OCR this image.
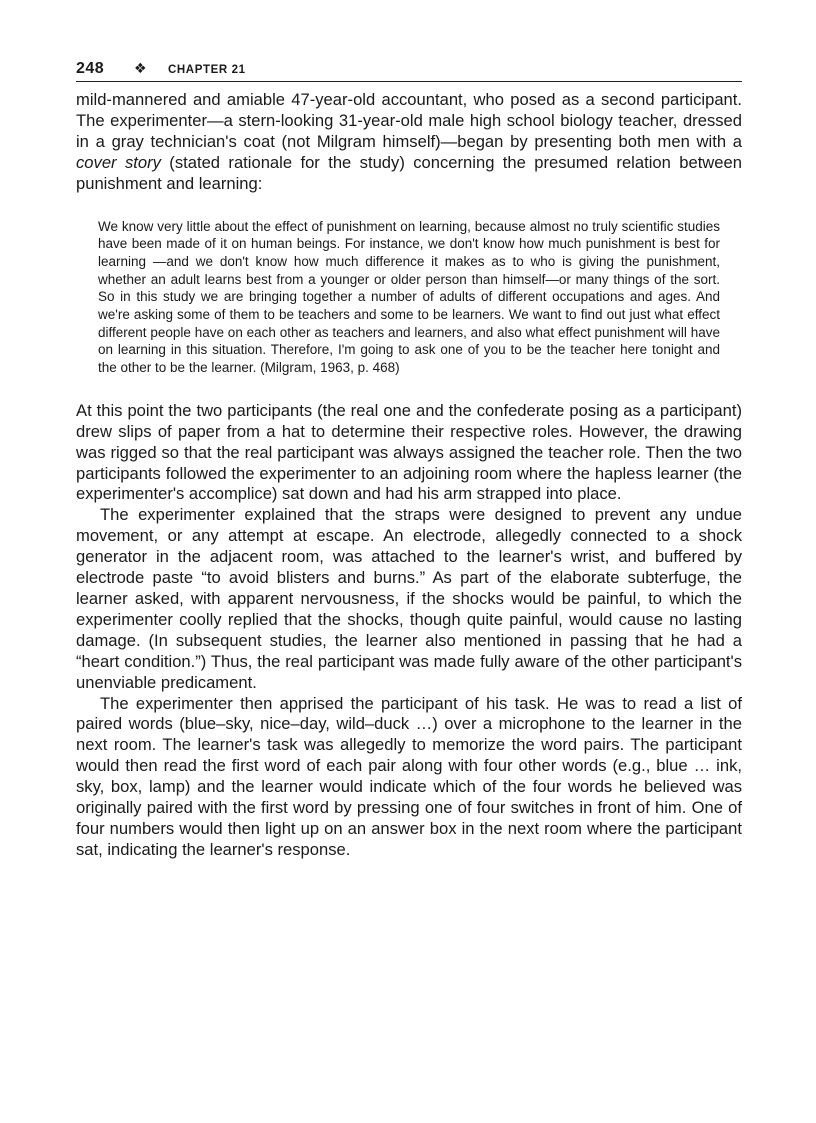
248	❖	CHAPTER 21

mild-mannered and amiable 47-year-old accountant, who posed as a second participant. The experimenter—a stern-looking 31-year-old male high school biology teacher, dressed in a gray technician's coat (not Milgram himself)—began by presenting both men with a cover story (stated rationale for the study) concerning the presumed relation between punishment and learning:

We know very little about the effect of punishment on learning, because almost no truly scientific studies have been made of it on human beings. For instance, we don't know how much punishment is best for learning —and we don't know how much difference it makes as to who is giving the punishment, whether an adult learns best from a younger or older person than himself—or many things of the sort. So in this study we are bringing together a number of adults of different occupations and ages. And we're asking some of them to be teachers and some to be learners. We want to find out just what effect different people have on each other as teachers and learners, and also what effect punishment will have on learning in this situation. Therefore, I'm going to ask one of you to be the teacher here tonight and the other to be the learner. (Milgram, 1963, p. 468)

At this point the two participants (the real one and the confederate posing as a participant) drew slips of paper from a hat to determine their respective roles. However, the drawing was rigged so that the real participant was always assigned the teacher role. Then the two participants followed the experimenter to an adjoining room where the hapless learner (the experimenter's accomplice) sat down and had his arm strapped into place.

The experimenter explained that the straps were designed to prevent any undue movement, or any attempt at escape. An electrode, allegedly connected to a shock generator in the adjacent room, was attached to the learner's wrist, and buffered by electrode paste “to avoid blisters and burns.” As part of the elaborate subterfuge, the learner asked, with apparent nervousness, if the shocks would be painful, to which the experimenter coolly replied that the shocks, though quite painful, would cause no lasting damage. (In subsequent studies, the learner also mentioned in passing that he had a “heart condition.”) Thus, the real participant was made fully aware of the other participant's unenviable predicament.

The experimenter then apprised the participant of his task. He was to read a list of paired words (blue–sky, nice–day, wild–duck …) over a microphone to the learner in the next room. The learner's task was allegedly to memorize the word pairs. The participant would then read the first word of each pair along with four other words (e.g., blue … ink, sky, box, lamp) and the learner would indicate which of the four words he believed was originally paired with the first word by pressing one of four switches in front of him. One of four numbers would then light up on an answer box in the next room where the participant sat, indicating the learner's response.
